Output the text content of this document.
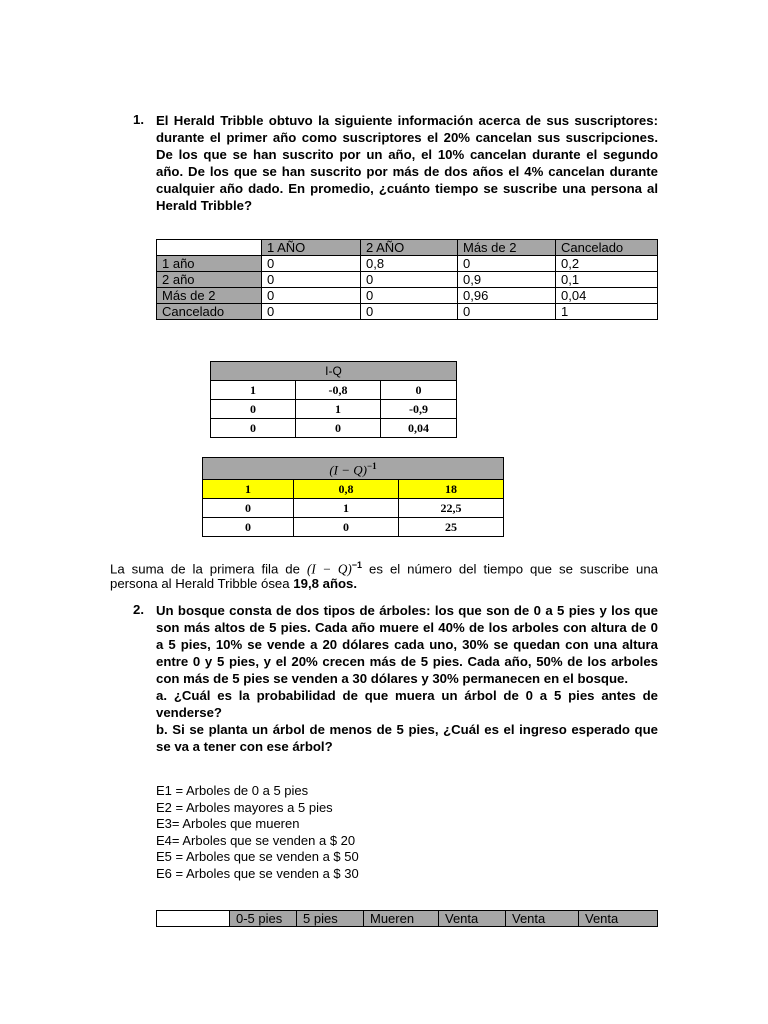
1. El Herald Tribble obtuvo la siguiente información acerca de sus suscriptores: durante el primer año como suscriptores el 20% cancelan sus suscripciones. De los que se han suscrito por un año, el 10% cancelan durante el segundo año. De los que se han suscrito por más de dos años el 4% cancelan durante cualquier año dado. En promedio, ¿cuánto tiempo se suscribe una persona al Herald Tribble?
	1 AÑO	2 AÑO	Más de 2	Cancelado
1 año	0	0,8	0	0,2
2 año	0	0	0,9	0,1
Más de 2	0	0	0,96	0,04
Cancelado	0	0	0	1
I-Q		
1	-0,8	0
0	1	-0,9
0	0	0,04
$(I - Q)^{-1}$
1	0,8	18
0	1	22,5
0	0	25
La suma de la primera fila de $(I - Q)^{-1}$ es el número del tiempo que se suscribe una
persona al Herald Tribble ósea 19,8 años.
2. Un bosque consta de dos tipos de árboles: los que son de 0 a 5 pies y los que son más altos de 5 pies. Cada año muere el 40% de los arboles con altura de 0 a 5 pies, 10% se vende a 20 dólares cada uno, 30% se quedan con una altura entre 0 y 5 pies, y el 20% crecen más de 5 pies. Cada año, 50% de los arboles con más de 5 pies se venden a 30 dólares y 30% permanecen en el bosque.
a. ¿Cuál es la probabilidad de que muera un árbol de 0 a 5 pies antes de venderse?
b. Si se planta un árbol de menos de 5 pies, ¿Cuál es el ingreso esperado que se va a tener con ese árbol?
E1 = Arboles de 0 a 5 pies
E2 = Arboles mayores a 5 pies
E3= Arboles que mueren
E4= Arboles que se venden a $ 20
E5 = Arboles que se venden a $ 50
E6 = Arboles que se venden a $ 30
	0-5 pies	5 pies	Mueren	Venta	Venta	Venta
